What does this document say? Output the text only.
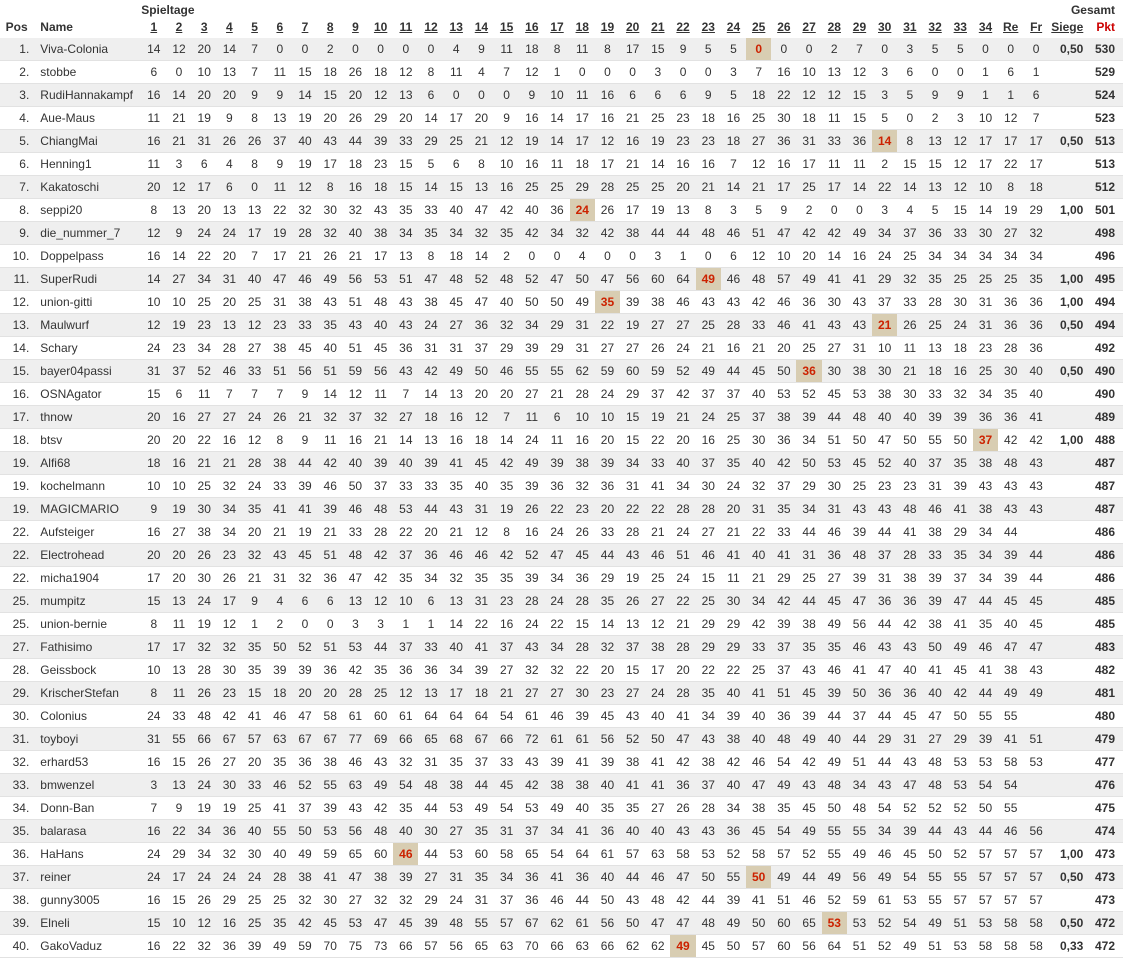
		Spieltage																																				Gesamt	
Pos	Name	1	2	3	4	5	6	7	8	9	10	11	12	13	14	15	16	17	18	19	20	21	22	23	24	25	26	27	28	29	30	31	32	33	34	Re	Fr	Siege	Pkt
1.	Viva-Colonia	14	12	20	14	7	0	0	2	0	0	0	0	4	9	11	18	8	11	8	17	15	9	5	5	0	0	0	2	7	0	3	5	5	0	0	0	0,50	530
2.	stobbe	6	0	10	13	7	11	15	18	26	18	12	8	11	4	7	12	1	0	0	0	3	0	0	3	7	16	10	13	12	3	6	0	0	1	6	1		529
3.	RudiHannakampf	16	14	20	20	9	9	14	15	20	12	13	6	0	0	0	9	10	11	16	6	6	6	9	5	18	22	12	12	15	3	5	9	9	1	1	6		524
4.	Aue-Maus	11	21	19	9	8	13	19	20	26	29	20	14	17	20	9	16	14	17	16	21	25	23	18	16	25	30	18	11	15	5	0	2	3	10	12	7		523
5.	ChiangMai	16	21	31	26	26	37	40	43	44	39	33	29	25	21	12	19	14	17	12	16	19	23	23	18	27	36	31	33	36	14	8	13	12	17	17	17	0,50	513
6.	Henning1	11	3	6	4	8	9	19	17	18	23	15	5	6	8	10	16	11	18	17	21	14	16	16	7	12	16	17	11	11	2	15	15	12	17	22	17		513
7.	Kakatoschi	20	12	17	6	0	11	12	8	16	18	15	14	15	13	16	25	25	29	28	25	25	20	21	14	21	17	25	17	14	22	14	13	12	10	8	18		512
8.	seppi20	8	13	20	13	13	22	32	30	32	43	35	33	40	47	42	40	36	24	26	17	19	13	8	3	5	9	2	0	0	3	4	5	15	14	19	29	1,00	501
9.	die_nummer_7	12	9	24	24	17	19	28	32	40	38	34	35	34	32	35	42	34	32	42	38	44	44	48	46	51	47	42	42	49	34	37	36	33	30	27	32		498
10.	Doppelpass	16	14	22	20	7	17	21	26	21	17	13	8	18	14	2	0	0	4	0	0	3	1	0	6	12	10	20	14	16	24	25	34	34	34	34	34		496
11.	SuperRudi	14	27	34	31	40	47	46	49	56	53	51	47	48	52	48	52	47	50	47	56	60	64	49	46	48	57	49	41	41	29	32	35	25	25	25	35	1,00	495
12.	union-gitti	10	10	25	20	25	31	38	43	51	48	43	38	45	47	40	50	50	49	35	39	38	46	43	43	42	46	36	30	43	37	33	28	30	31	36	36	1,00	494
13.	Maulwurf	12	19	23	13	12	23	33	35	43	40	43	24	27	36	32	34	29	31	22	19	27	27	25	28	33	46	41	43	43	21	26	25	24	31	36	36	0,50	494
14.	Schary	24	23	34	28	27	38	45	40	51	45	36	31	31	37	29	39	29	31	27	27	26	24	21	16	21	20	25	27	31	10	11	13	18	23	28	36		492
15.	bayer04passi	31	37	52	46	33	51	56	51	59	56	43	42	49	50	46	55	55	62	59	60	59	52	49	44	45	50	36	30	38	30	21	18	16	25	30	40	0,50	490
16.	OSNAgator	15	6	11	7	7	7	9	14	12	11	7	14	13	20	20	27	21	28	24	29	37	42	37	37	40	53	52	45	53	38	30	33	32	34	35	40		490
17.	thnow	20	16	27	27	24	26	21	32	37	32	27	18	16	12	7	11	6	10	10	15	19	21	24	25	37	38	39	44	48	40	40	39	39	36	36	41		489
18.	btsv	20	20	22	16	12	8	9	11	16	21	14	13	16	18	14	24	11	16	20	15	22	20	16	25	30	36	34	51	50	47	50	55	50	37	42	42	1,00	488
19.	Alfi68	18	16	21	21	28	38	44	42	40	39	40	39	41	45	42	49	39	38	39	34	33	40	37	35	40	42	50	53	45	52	40	37	35	38	48	43		487
19.	kochelmann	10	10	25	32	24	33	39	46	50	37	33	33	35	40	35	39	36	32	36	31	41	34	30	24	32	37	29	30	25	23	23	31	39	43	43	43		487
19.	MAGICMARIO	9	19	30	34	35	41	41	39	46	48	53	44	43	31	19	26	22	23	20	22	22	28	28	20	31	35	34	31	43	43	48	46	41	38	43	43		487
22.	Aufsteiger	16	27	38	34	20	21	19	21	33	28	22	20	21	12	8	16	24	26	33	28	21	24	27	21	22	33	44	46	39	44	41	38	29	34	44			486
22.	Electrohead	20	20	26	23	32	43	45	51	48	42	37	36	46	46	42	52	47	45	44	43	46	51	46	41	40	41	31	36	48	37	28	33	35	34	39	44		486
22.	micha1904	17	20	30	26	21	31	32	36	47	42	35	34	32	35	35	39	34	36	29	19	25	24	15	11	21	29	25	27	39	31	38	39	37	34	39	44		486
25.	mumpitz	15	13	24	17	9	4	6	6	13	12	10	6	13	31	23	28	24	28	35	26	27	22	25	30	34	42	44	45	47	36	36	39	47	44	45	45		485
25.	union-bernie	8	11	19	12	1	2	0	0	3	3	1	1	14	22	16	24	22	15	14	13	12	21	29	29	42	39	38	49	56	44	42	38	41	35	40	45		485
27.	Fathisimo	17	17	32	32	35	50	52	51	53	44	37	33	40	41	37	43	34	28	32	37	38	28	29	29	33	37	35	35	46	43	43	50	49	46	47	47		483
28.	Geissbock	10	13	28	30	35	39	39	36	42	35	36	36	34	39	27	32	32	22	20	15	17	20	22	22	25	37	43	46	41	47	40	41	45	41	38	43		482
29.	KrischerStefan	8	11	26	23	15	18	20	20	28	25	12	13	17	18	21	27	27	30	23	27	24	28	35	40	41	51	45	39	50	36	36	40	42	44	49	49		481
30.	Colonius	24	33	48	42	41	46	47	58	61	60	61	64	64	64	54	61	46	39	45	43	40	41	34	39	40	36	39	44	37	44	45	47	50	55	55			480
31.	toyboyi	31	55	66	67	57	63	67	67	77	69	66	65	68	67	66	72	61	61	56	52	50	47	43	38	40	48	49	40	44	29	31	27	29	39	41	51		479
32.	erhard53	16	15	26	27	20	35	36	38	46	43	32	31	35	37	33	43	39	41	39	38	41	42	38	42	46	54	42	49	51	44	43	48	53	53	58	53		477
33.	bmwenzel	3	13	24	30	33	46	52	55	63	49	54	48	38	44	45	42	38	38	40	41	41	36	37	40	47	49	43	48	34	43	47	48	53	54	54			476
34.	Donn-Ban	7	9	19	19	25	41	37	39	43	42	35	44	53	49	54	53	49	40	35	35	27	26	28	34	38	35	45	50	48	54	52	52	52	50	55			475
35.	balarasa	16	22	34	36	40	55	50	53	56	48	40	30	27	35	31	37	34	41	36	40	40	43	43	36	45	54	49	55	55	34	39	44	43	44	46	56		474
36.	HaHans	24	29	34	32	30	40	49	59	65	60	46	44	53	60	58	65	54	64	61	57	63	58	53	52	58	57	52	55	49	46	45	50	52	57	57	57	1,00	473
37.	reiner	24	17	24	24	24	28	38	41	47	38	39	27	31	35	34	36	41	36	40	44	46	47	50	55	50	49	44	49	56	49	54	55	55	57	57	57	0,50	473
38.	gunny3005	16	15	26	29	25	25	32	30	27	32	32	29	24	31	37	36	46	44	50	43	48	42	44	39	41	51	46	52	59	61	53	55	57	57	57	57		473
39.	Elneli	15	10	12	16	25	35	42	45	53	47	45	39	48	55	57	67	62	61	56	50	47	47	48	49	50	60	65	53	53	52	54	49	51	53	58	58	0,50	472
40.	GakoVaduz	16	22	32	36	39	49	59	70	75	73	66	57	56	65	63	70	66	63	66	62	62	49	45	50	57	60	56	64	51	52	49	51	53	58	58	58	0,33	472
